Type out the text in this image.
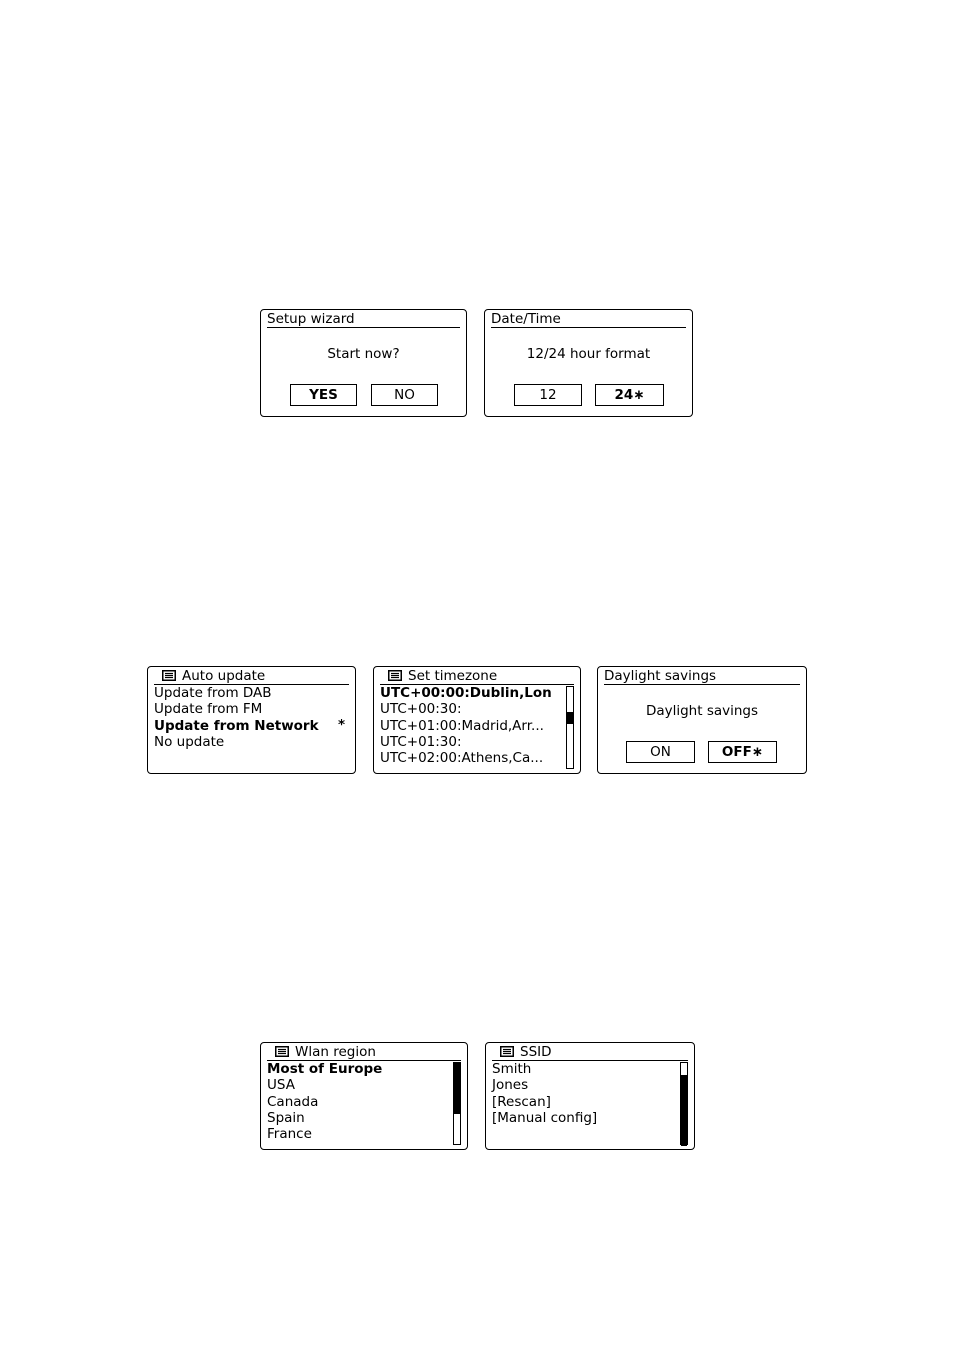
Setup wizard
Start now?
YES	NO
Date/Time
12/24 hour format
12	24∗
Auto update
Update from DAB
Update from FM
Update from Network
No update
*
Set timezone
UTC+00:00:Dublin,Lon
UTC+00:30:
UTC+01:00:Madrid,Arr...
UTC+01:30:
UTC+02:00:Athens,Ca...
Daylight savings
Daylight savings
ON	OFF∗
Wlan region
Most of Europe
USA
Canada
Spain
France
SSID
Smith
Jones
[Rescan]
[Manual config]
